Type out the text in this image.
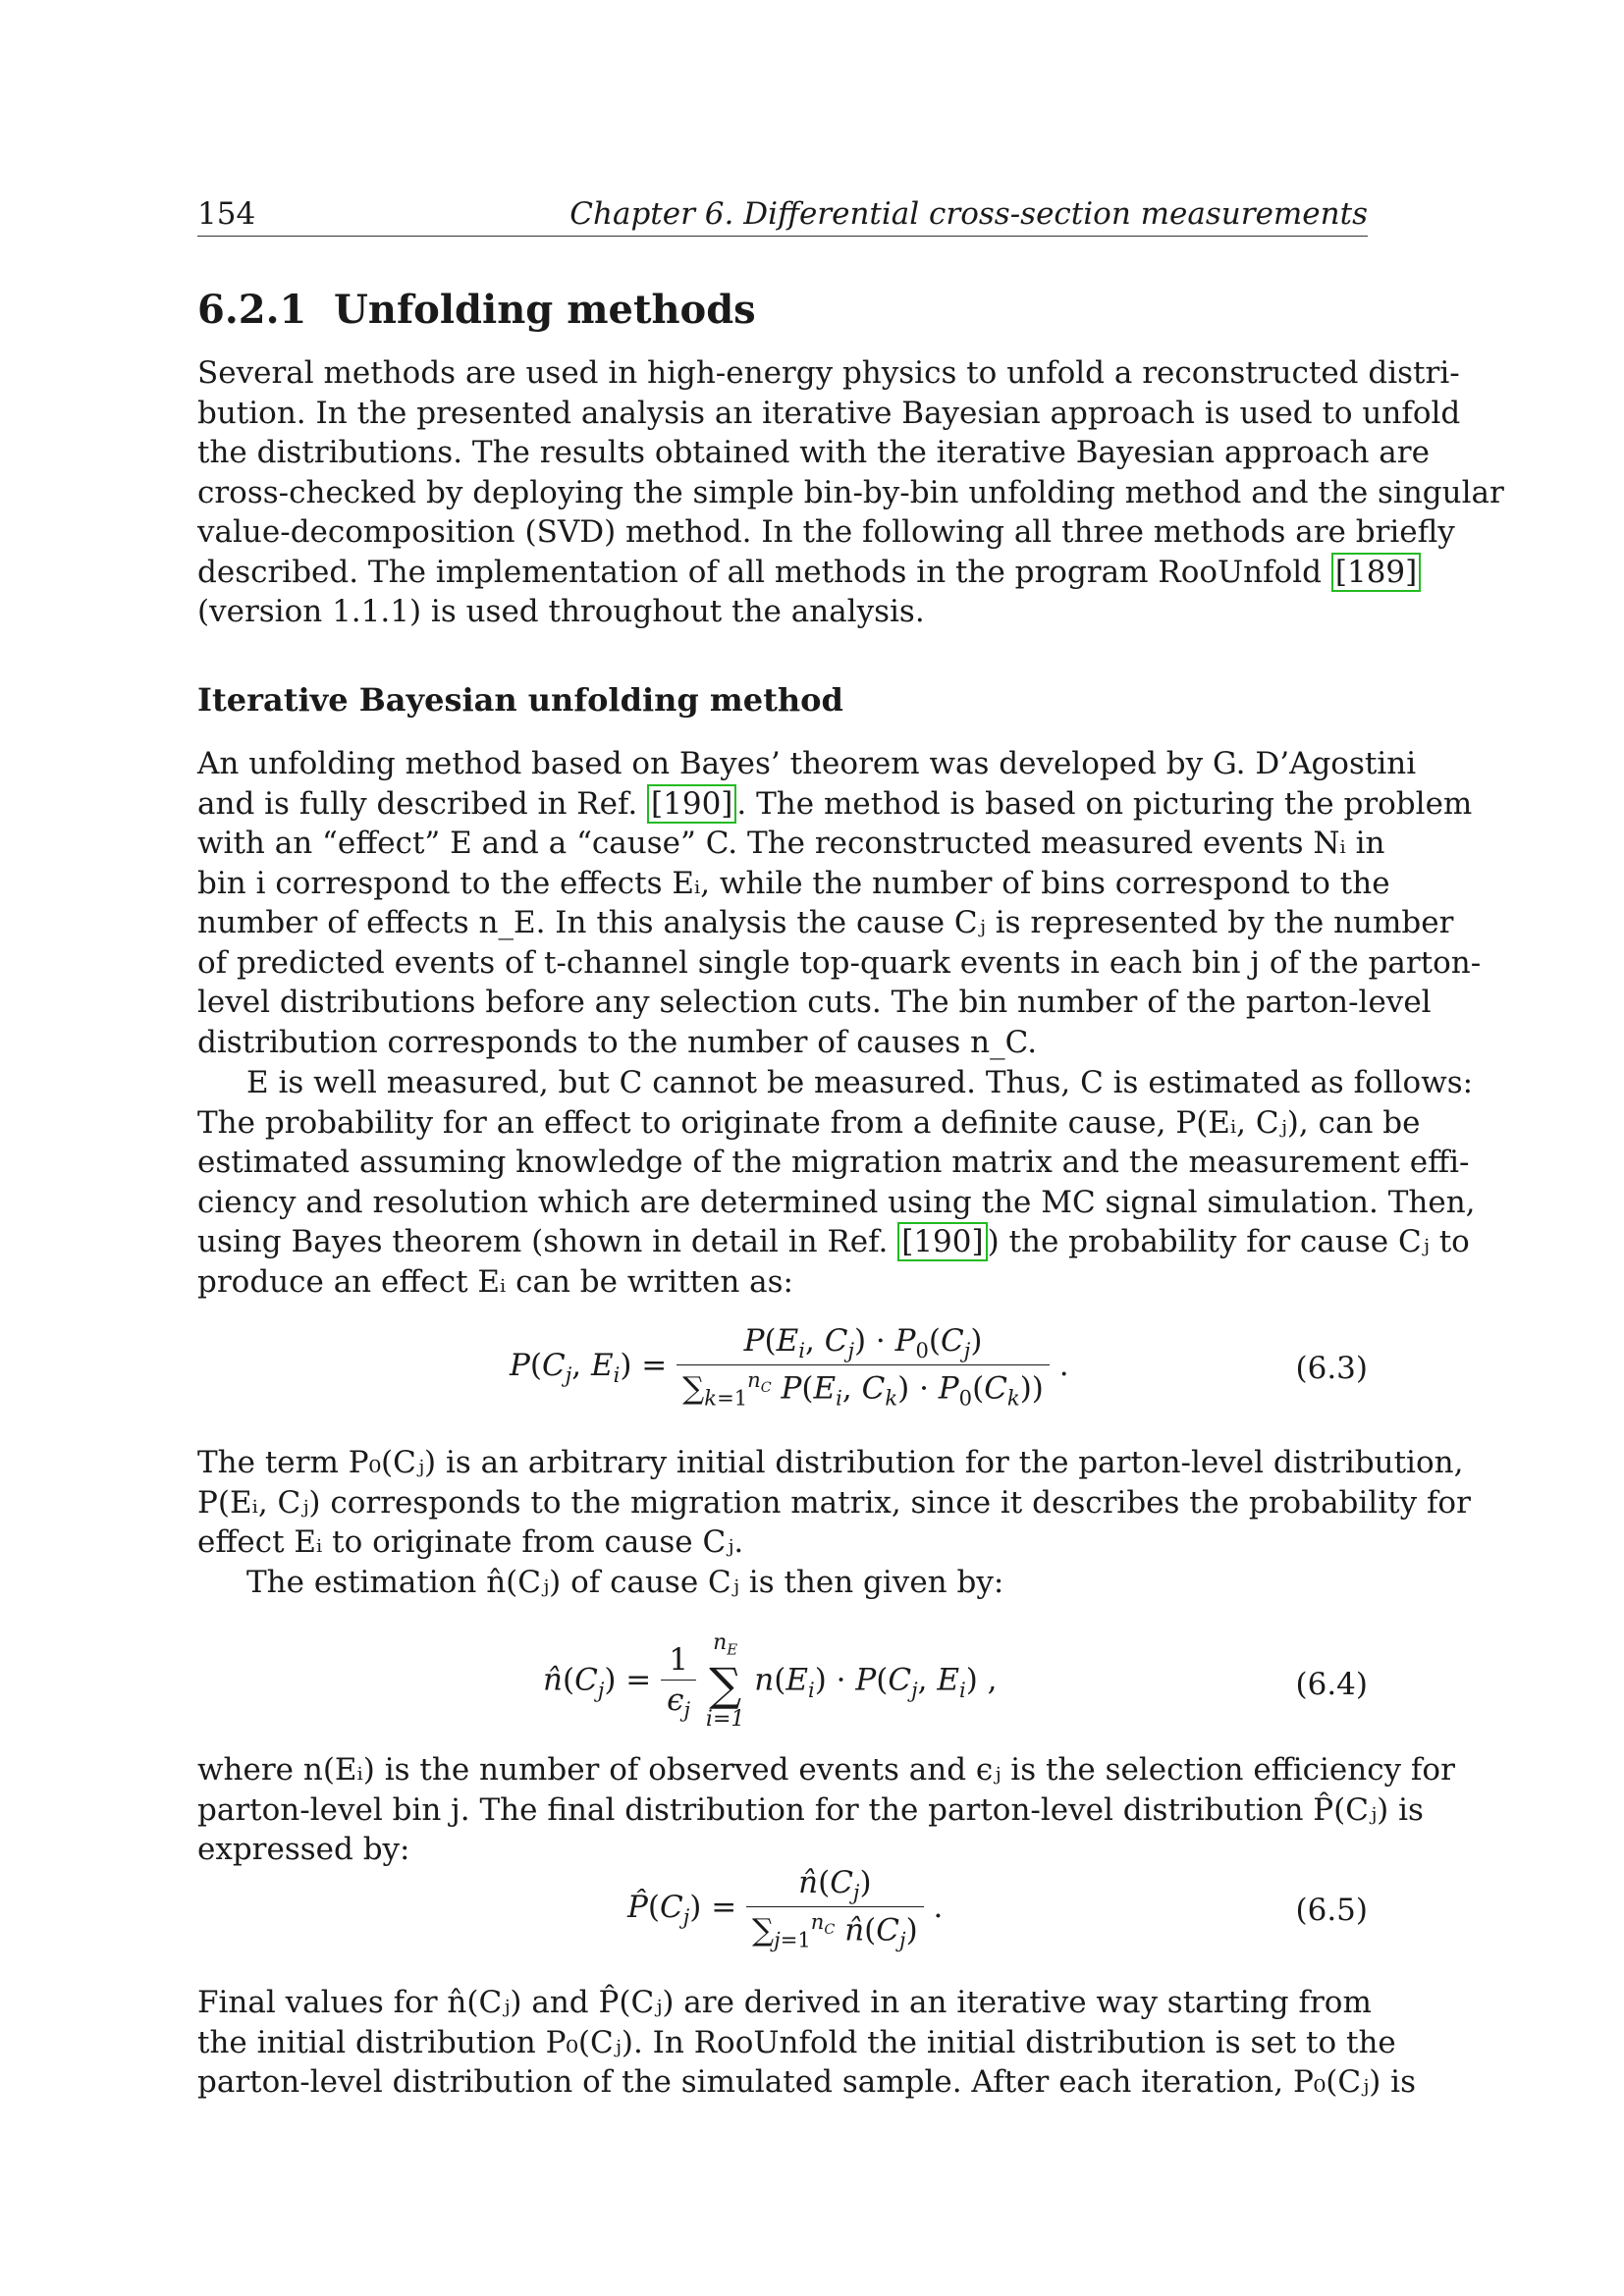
154	Chapter 6. Differential cross-section measurements
6.2.1 Unfolding methods
Several methods are used in high-energy physics to unfold a reconstructed distri-
bution. In the presented analysis an iterative Bayesian approach is used to unfold
the distributions. The results obtained with the iterative Bayesian approach are
cross-checked by deploying the simple bin-by-bin unfolding method and the singular
value-decomposition (SVD) method. In the following all three methods are briefly
described. The implementation of all methods in the program RooUnfold [189]
(version 1.1.1) is used throughout the analysis.
Iterative Bayesian unfolding method
An unfolding method based on Bayes’ theorem was developed by G. D’Agostini
and is fully described in Ref. [190] . The method is based on picturing the problem
with an “effect” E and a “cause” C. The reconstructed measured events Nᵢ in
bin i correspond to the effects Eᵢ, while the number of bins correspond to the
number of effects n_E. In this analysis the cause Cⱼ is represented by the number
of predicted events of t-channel single top-quark events in each bin j of the parton-
level distributions before any selection cuts. The bin number of the parton-level
distribution corresponds to the number of causes n_C.
E is well measured, but C cannot be measured. Thus, C is estimated as follows:
The probability for an effect to originate from a definite cause, P(Eᵢ, Cⱼ), can be
estimated assuming knowledge of the migration matrix and the measurement effi-
ciency and resolution which are determined using the MC signal simulation. Then,
using Bayes theorem (shown in detail in Ref. [190] ) the probability for cause Cⱼ to
produce an effect Eᵢ can be written as:
$P(C_j$, $E_i) = \frac{P(E_i, C_j) \cdot P_0(C_j)}{\sum_{k=1}^{n_C} P(E_i, C_k) \cdot P_0(C_k))}$ .	(6.3)
The term P₀(Cⱼ) is an arbitrary initial distribution for the parton-level distribution,
P(Eᵢ, Cⱼ) corresponds to the migration matrix, since it describes the probability for
effect Eᵢ to originate from cause Cⱼ.
The estimation n̂(Cⱼ) of cause Cⱼ is then given by:
$n̂(C_j) = \frac{1}{\epsilon_j}$
$n_E$
∑
i=1
$n(E_i) \cdot P(C_j$, $E_i$) ,	(6.4)
where n(Eᵢ) is the number of observed events and ϵⱼ is the selection efficiency for
parton-level bin j. The final distribution for the parton-level distribution P̂(Cⱼ) is
expressed by:
$P̂(C_j) = \frac{n̂(C_j)}{\sum_{j=1}^{n_C} n̂(C_j)}$ .	(6.5)
Final values for n̂(Cⱼ) and P̂(Cⱼ) are derived in an iterative way starting from
the initial distribution P₀(Cⱼ). In RooUnfold the initial distribution is set to the
parton-level distribution of the simulated sample. After each iteration, P₀(Cⱼ) is
